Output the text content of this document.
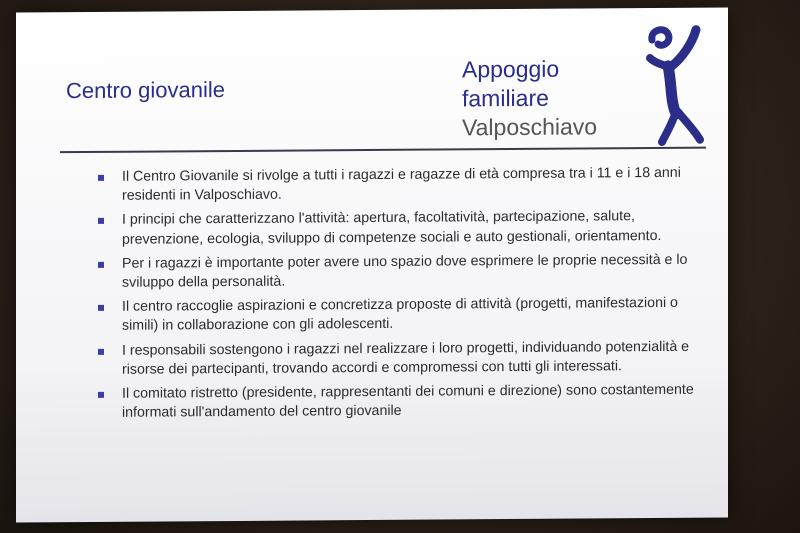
Centro giovanile
Appoggio
familiare
Valposchiavo
Il Centro Giovanile si rivolge a tutti i ragazzi e ragazze di età compresa tra i 11 e i 18 anni residenti in Valposchiavo.
I principi che caratterizzano l'attività: apertura, facoltatività, partecipazione, salute, prevenzione, ecologia, sviluppo di competenze sociali e auto gestionali, orientamento.
Per i ragazzi è importante poter avere uno spazio dove esprimere le proprie necessità e lo sviluppo della personalità.
Il centro raccoglie aspirazioni e concretizza proposte di attività (progetti, manifestazioni o simili) in collaborazione con gli adolescenti.
I responsabili sostengono i ragazzi nel realizzare i loro progetti, individuando potenzialità e risorse dei partecipanti, trovando accordi e compromessi con tutti gli interessati.
Il comitato ristretto (presidente, rappresentanti dei comuni e direzione) sono costantemente informati sull'andamento del centro giovanile
